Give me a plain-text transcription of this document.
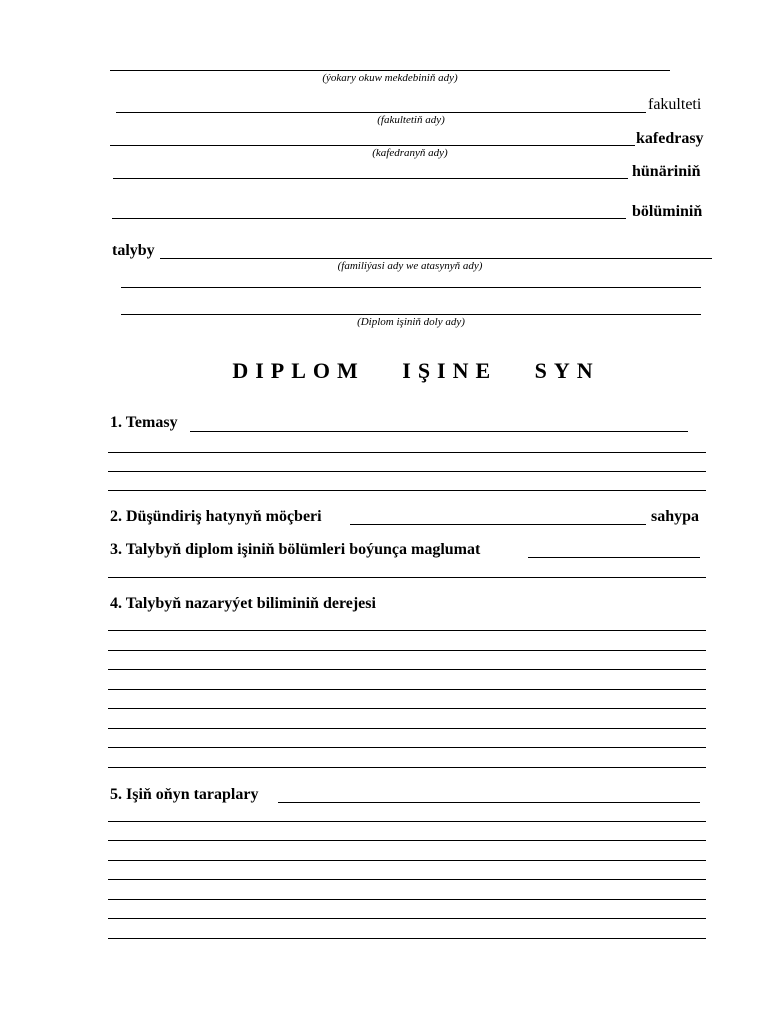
(ýokary okuw mekdebiniň ady)
fakulteti
(fakultetiň ady)
kafedrasy
(kafedranyň ady)
hünäriniň
bölüminiň
talyby
(familiýasi ady we atasynyň ady)
(Diplom işiniň doly ady)
DIPLOM   IŞINE   SYN
1. Temasy
2. Düşündiriş hatynyň möçberi	sahypa
3. Talybyň diplom işiniň bölümleri boýunça maglumat
4. Talybyň nazaryýet biliminiň derejesi
5. Işiň oňyn taraplary
